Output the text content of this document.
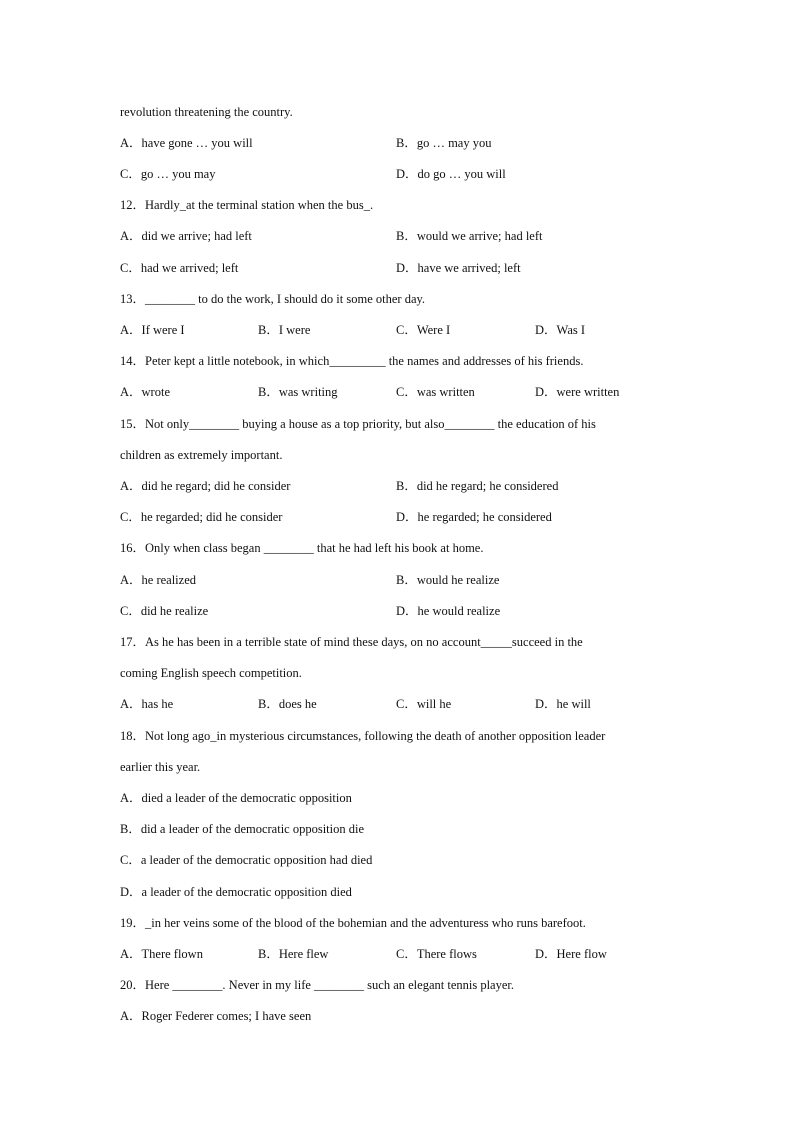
revolution threatening the country.
A．have gone … you will	B．go … may you
C．go … you may	D．do go … you will
12．Hardly_at the terminal station when the bus_.
A．did we arrive; had left	B．would we arrive; had left
C．had we arrived; left	D．have we arrived; left
13．________ to do the work, I should do it some other day.
A．If were I	B．I were	C．Were I	D．Was I
14．Peter kept a little notebook, in which_________ the names and addresses of his friends.
A．wrote	B．was writing	C．was written	D．were written
15．Not only________ buying a house as a top priority, but also________ the education of his
children as extremely important.
A．did he regard; did he consider	B．did he regard; he considered
C．he regarded; did he consider	D．he regarded; he considered
16．Only when class began ________ that he had left his book at home.
A．he realized	B．would he realize
C．did he realize	D．he would realize
17．As he has been in a terrible state of mind these days, on no account_____succeed in the
coming English speech competition.
A．has he	B．does he	C．will he	D．he will
18．Not long ago_in mysterious circumstances, following the death of another opposition leader
earlier this year.
A．died a leader of the democratic opposition
B．did a leader of the democratic opposition die
C．a leader of the democratic opposition had died
D．a leader of the democratic opposition died
19．_in her veins some of the blood of the bohemian and the adventuress who runs barefoot.
A．There flown	B．Here flew	C．There flows	D．Here flow
20．Here ________. Never in my life ________ such an elegant tennis player.
A．Roger Federer comes; I have seen
